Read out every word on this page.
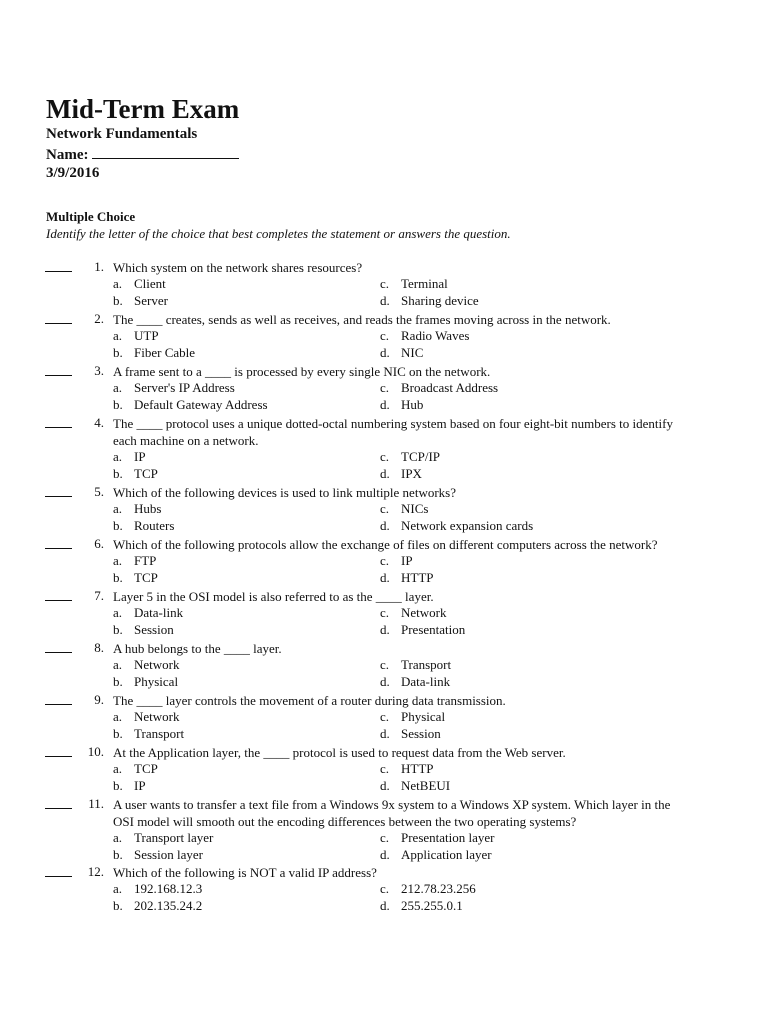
Mid-Term Exam
Network Fundamentals
Name:
3/9/2016
Multiple Choice
Identify the letter of the choice that best completes the statement or answers the question.
1. Which system on the network shares resources?
a. Client
b. Server
c. Terminal
d. Sharing device
2. The ____ creates, sends as well as receives, and reads the frames moving across in the network.
a. UTP
b. Fiber Cable
c. Radio Waves
d. NIC
3. A frame sent to a ____ is processed by every single NIC on the network.
a. Server's IP Address
b. Default Gateway Address
c. Broadcast Address
d. Hub
4. The ____ protocol uses a unique dotted-octal numbering system based on four eight-bit numbers to identify
each machine on a network.
a. IP
b. TCP
c. TCP/IP
d. IPX
5. Which of the following devices is used to link multiple networks?
a. Hubs
b. Routers
c. NICs
d. Network expansion cards
6. Which of the following protocols allow the exchange of files on different computers across the network?
a. FTP
b. TCP
c. IP
d. HTTP
7. Layer 5 in the OSI model is also referred to as the ____ layer.
a. Data-link
b. Session
c. Network
d. Presentation
8. A hub belongs to the ____ layer.
a. Network
b. Physical
c. Transport
d. Data-link
9. The ____ layer controls the movement of a router during data transmission.
a. Network
b. Transport
c. Physical
d. Session
10. At the Application layer, the ____ protocol is used to request data from the Web server.
a. TCP
b. IP
c. HTTP
d. NetBEUI
11. A user wants to transfer a text file from a Windows 9x system to a Windows XP system. Which layer in the
OSI model will smooth out the encoding differences between the two operating systems?
a. Transport layer
b. Session layer
c. Presentation layer
d. Application layer
12. Which of the following is NOT a valid IP address?
a. 192.168.12.3
b. 202.135.24.2
c. 212.78.23.256
d. 255.255.0.1
